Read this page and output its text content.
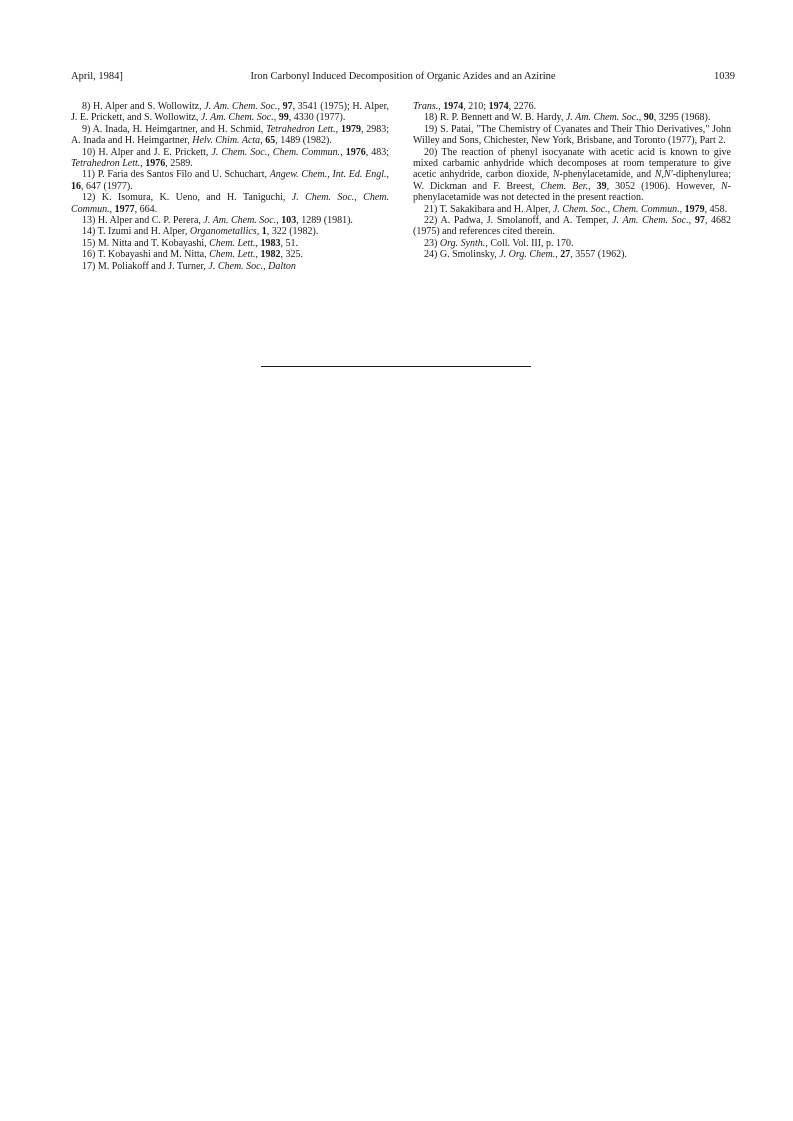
April, 1984]	Iron Carbonyl Induced Decomposition of Organic Azides and an Azirine	1039

8) H. Alper and S. Wollowitz, J. Am. Chem. Soc., 97, 3541 (1975); H. Alper, J. E. Prickett, and S. Wollowitz, J. Am. Chem. Soc., 99, 4330 (1977).

9) A. Inada, H. Heimgartner, and H. Schmid, Tetrahedron Lett., 1979, 2983; A. Inada and H. Heimgartner, Helv. Chim. Acta, 65, 1489 (1982).

10) H. Alper and J. E. Prickett, J. Chem. Soc., Chem. Commun., 1976, 483; Tetrahedron Lett., 1976, 2589.

11) P. Faria des Santos Filo and U. Schuchart, Angew. Chem., Int. Ed. Engl., 16, 647 (1977).

12) K. Isomura, K. Ueno, and H. Taniguchi, J. Chem. Soc., Chem. Commun., 1977, 664.

13) H. Alper and C. P. Perera, J. Am. Chem. Soc., 103, 1289 (1981).

14) T. Izumi and H. Alper, Organometallics, 1, 322 (1982).

15) M. Nitta and T. Kobayashi, Chem. Lett., 1983, 51.

16) T. Kobayashi and M. Nitta, Chem. Lett., 1982, 325.

17) M. Poliakoff and J. Turner, J. Chem. Soc., Dalton

Trans., 1974, 210; 1974, 2276.

18) R. P. Bennett and W. B. Hardy, J. Am. Chem. Soc., 90, 3295 (1968).

19) S. Patai, "The Chemistry of Cyanates and Their Thio Derivatives," John Willey and Sons, Chichester, New York, Brisbane, and Toronto (1977), Part 2.

20) The reaction of phenyl isocyanate with acetic acid is known to give mixed carbamic anhydride which decomposes at room temperature to give acetic anhydride, carbon dioxide, N-phenylacetamide, and N,N'-diphenylurea; W. Dickman and F. Breest, Chem. Ber., 39, 3052 (1906). However, N-phenylacetamide was not detected in the present reaction.

21) T. Sakakibara and H. Alper, J. Chem. Soc., Chem. Commun., 1979, 458.

22) A. Padwa, J. Smolanoff, and A. Temper, J. Am. Chem. Soc., 97, 4682 (1975) and references cited therein.

23) Org. Synth., Coll. Vol. III, p. 170.

24) G. Smolinsky, J. Org. Chem., 27, 3557 (1962).
